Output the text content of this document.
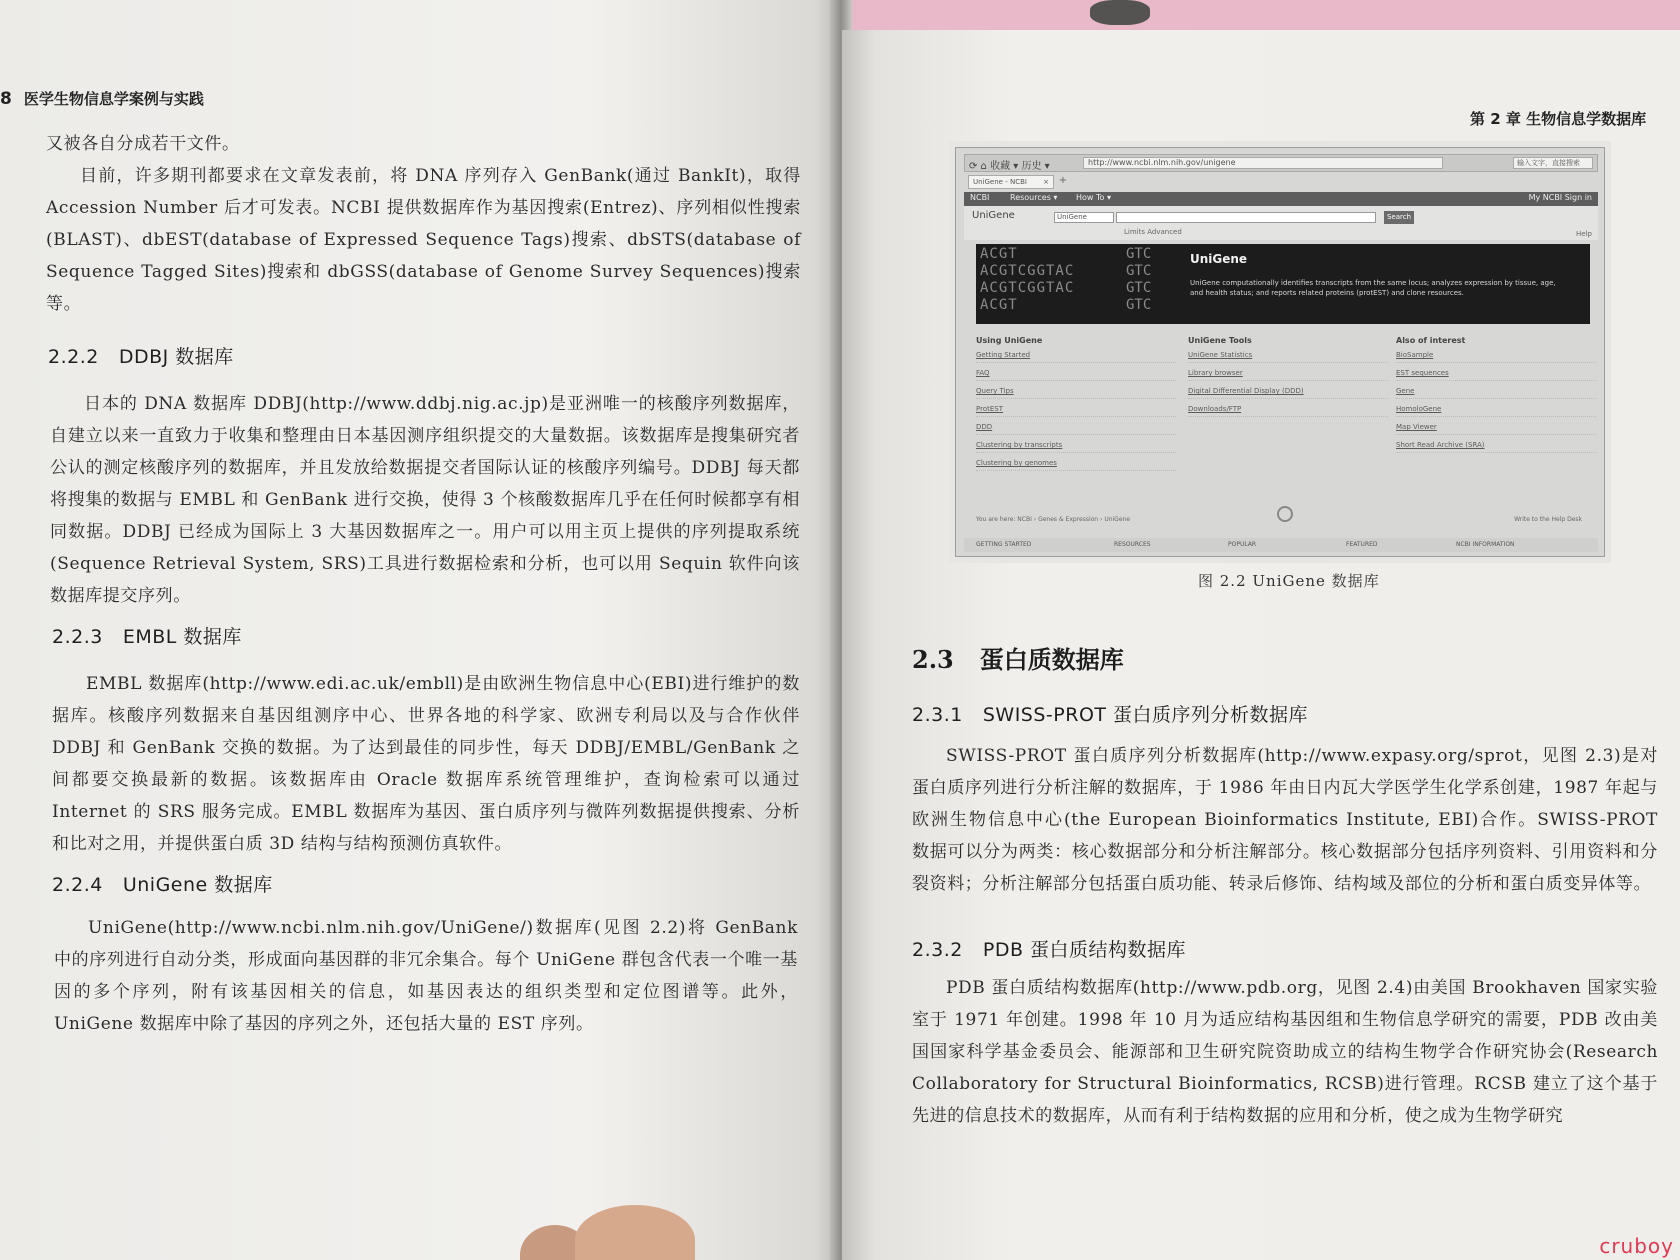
8 医学生物信息学案例与实践

又被各自分成若干文件。

目前，许多期刊都要求在文章发表前，将 DNA 序列存入 GenBank(通过 BankIt)，取得 Accession Number 后才可发表。NCBI 提供数据库作为基因搜索(Entrez)、序列相似性搜索(BLAST)、dbEST(database of Expressed Sequence Tags)搜索、dbSTS(database of Sequence Tagged Sites)搜索和 dbGSS(database of Genome Survey Sequences)搜索等。

2.2.2 DDBJ 数据库

日本的 DNA 数据库 DDBJ(http://www.ddbj.nig.ac.jp)是亚洲唯一的核酸序列数据库，自建立以来一直致力于收集和整理由日本基因测序组织提交的大量数据。该数据库是搜集研究者公认的测定核酸序列的数据库，并且发放给数据提交者国际认证的核酸序列编号。DDBJ 每天都将搜集的数据与 EMBL 和 GenBank 进行交换，使得 3 个核酸数据库几乎在任何时候都享有相同数据。DDBJ 已经成为国际上 3 大基因数据库之一。用户可以用主页上提供的序列提取系统(Sequence Retrieval System, SRS)工具进行数据检索和分析，也可以用 Sequin 软件向该数据库提交序列。

2.2.3 EMBL 数据库

EMBL 数据库(http://www.edi.ac.uk/embll)是由欧洲生物信息中心(EBI)进行维护的数据库。核酸序列数据来自基因组测序中心、世界各地的科学家、欧洲专利局以及与合作伙伴 DDBJ 和 GenBank 交换的数据。为了达到最佳的同步性，每天 DDBJ/EMBL/GenBank 之间都要交换最新的数据。该数据库由 Oracle 数据库系统管理维护，查询检索可以通过 Internet 的 SRS 服务完成。EMBL 数据库为基因、蛋白质序列与微阵列数据提供搜索、分析和比对之用，并提供蛋白质 3D 结构与结构预测仿真软件。

2.2.4 UniGene 数据库

UniGene(http://www.ncbi.nlm.nih.gov/UniGene/)数据库(见图 2.2)将 GenBank 中的序列进行自动分类，形成面向基因群的非冗余集合。每个 UniGene 群包含代表一个唯一基因的多个序列，附有该基因相关的信息，如基因表达的组织类型和定位图谱等。此外，UniGene 数据库中除了基因的序列之外，还包括大量的 EST 序列。

第 2 章 生物信息学数据库
⟳ ⌂ 收藏 ▾ 历史 ▾	http://www.ncbi.nlm.nih.gov/unigene	输入文字，直接搜索
UniGene - NCBI × +
NCBI	Resources ▾ How To ▾	My NCBI Sign in
UniGene	UniGene	Search
Limits Advanced	Help
ACGT
ACGTCGGTAC
ACGTCGGTAC
ACGT
GTC
GTC
GTC
GTC
UniGene
UniGene computationally identifies transcripts from the same locus; analyzes expression by tissue, age, and health status; and reports related proteins (protEST) and clone resources.
Using UniGene
Getting Started
FAQ
Query Tips
ProtEST
DDD
Clustering by transcripts
Clustering by genomes
UniGene Tools
UniGene Statistics
Library browser
Digital Differential Display (DDD)
Downloads/FTP
Also of interest
BioSample
EST sequences
Gene
HomoloGene
Map Viewer
Short Read Archive (SRA)
You are here: NCBI › Genes & Expression › UniGene	Write to the Help Desk
GETTING STARTED	RESOURCES	POPULAR	FEATURED	NCBI INFORMATION
图 2.2 UniGene 数据库
2.3 蛋白质数据库
2.3.1 SWISS-PROT 蛋白质序列分析数据库

SWISS-PROT 蛋白质序列分析数据库(http://www.expasy.org/sprot，见图 2.3)是对蛋白质序列进行分析注解的数据库，于 1986 年由日内瓦大学医学生化学系创建，1987 年起与欧洲生物信息中心(the European Bioinformatics Institute, EBI)合作。SWISS-PROT 数据可以分为两类：核心数据部分和分析注解部分。核心数据部分包括序列资料、引用资料和分裂资料；分析注解部分包括蛋白质功能、转录后修饰、结构域及部位的分析和蛋白质变异体等。

2.3.2 PDB 蛋白质结构数据库

PDB 蛋白质结构数据库(http://www.pdb.org，见图 2.4)由美国 Brookhaven 国家实验室于 1971 年创建。1998 年 10 月为适应结构基因组和生物信息学研究的需要，PDB 改由美国国家科学基金委员会、能源部和卫生研究院资助成立的结构生物学合作研究协会(Research Collaboratory for Structural Bioinformatics, RCSB)进行管理。RCSB 建立了这个基于先进的信息技术的数据库，从而有利于结构数据的应用和分析，使之成为生物学研究

cruboy
